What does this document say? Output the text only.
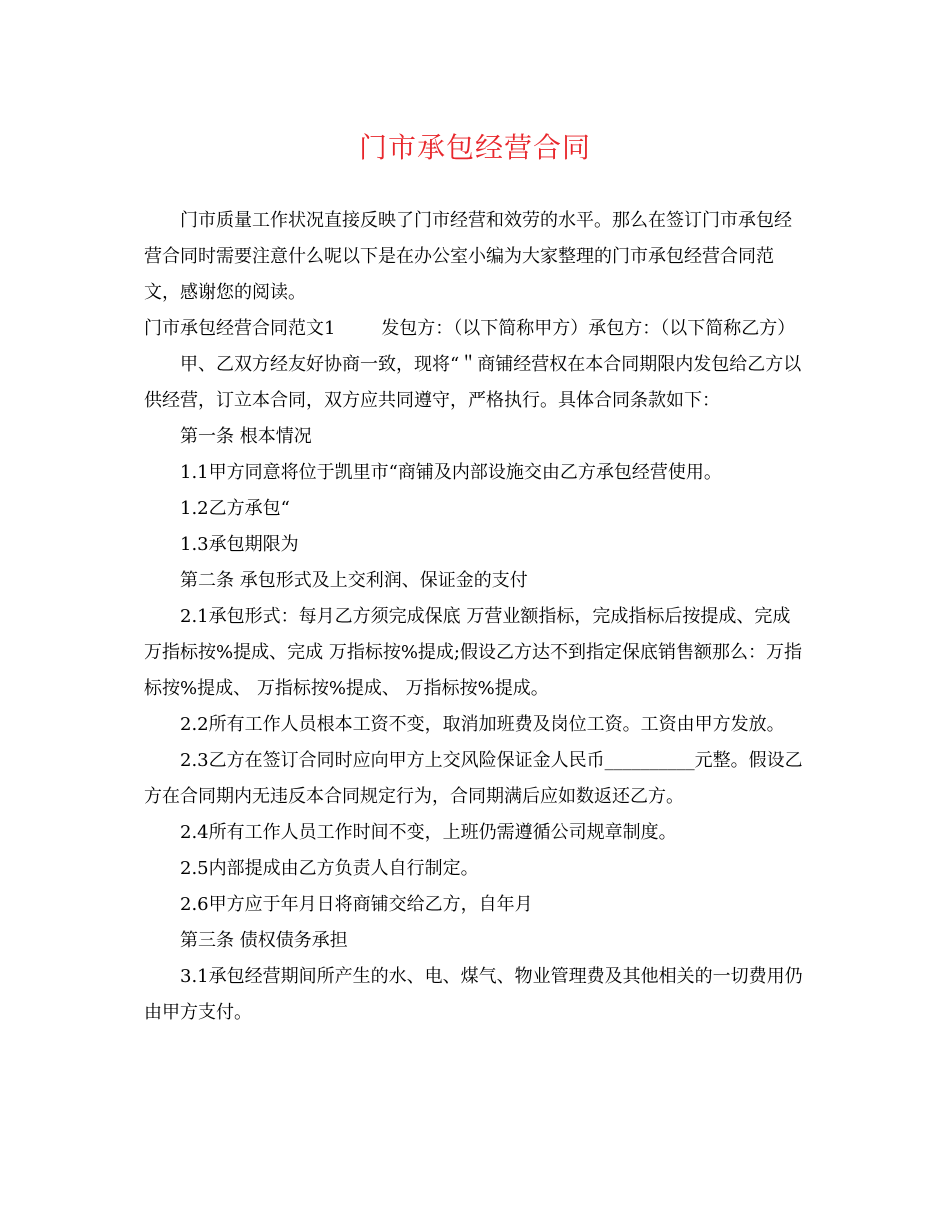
门市承包经营合同

门市质量工作状况直接反映了门市经营和效劳的水平。那么在签订门市承包经营合同时需要注意什么呢以下是在办公室小编为大家整理的门市承包经营合同范文，感谢您的阅读。

门市承包经营合同范文1        发包方：（以下简称甲方）承包方：（以下简称乙方）

甲、乙双方经友好协商一致，现将“＂商铺经营权在本合同期限内发包给乙方以供经营，订立本合同，双方应共同遵守，严格执行。具体合同条款如下：

第一条 根本情况

1.1甲方同意将位于凯里市“商铺及内部设施交由乙方承包经营使用。

1.2乙方承包“

1.3承包期限为

第二条 承包形式及上交利润、保证金的支付

2.1承包形式：每月乙方须完成保底 万营业额指标，完成指标后按提成、完成 万指标按%提成、完成 万指标按%提成;假设乙方达不到指定保底销售额那么：万指标按%提成、 万指标按%提成、 万指标按%提成。

2.2所有工作人员根本工资不变，取消加班费及岗位工资。工资由甲方发放。

2.3乙方在签订合同时应向甲方上交风险保证金人民币__________元整。假设乙方在合同期内无违反本合同规定行为，合同期满后应如数返还乙方。

2.4所有工作人员工作时间不变，上班仍需遵循公司规章制度。

2.5内部提成由乙方负责人自行制定。

2.6甲方应于年月日将商铺交给乙方，自年月

第三条 债权债务承担

3.1承包经营期间所产生的水、电、煤气、物业管理费及其他相关的一切费用仍由甲方支付。
